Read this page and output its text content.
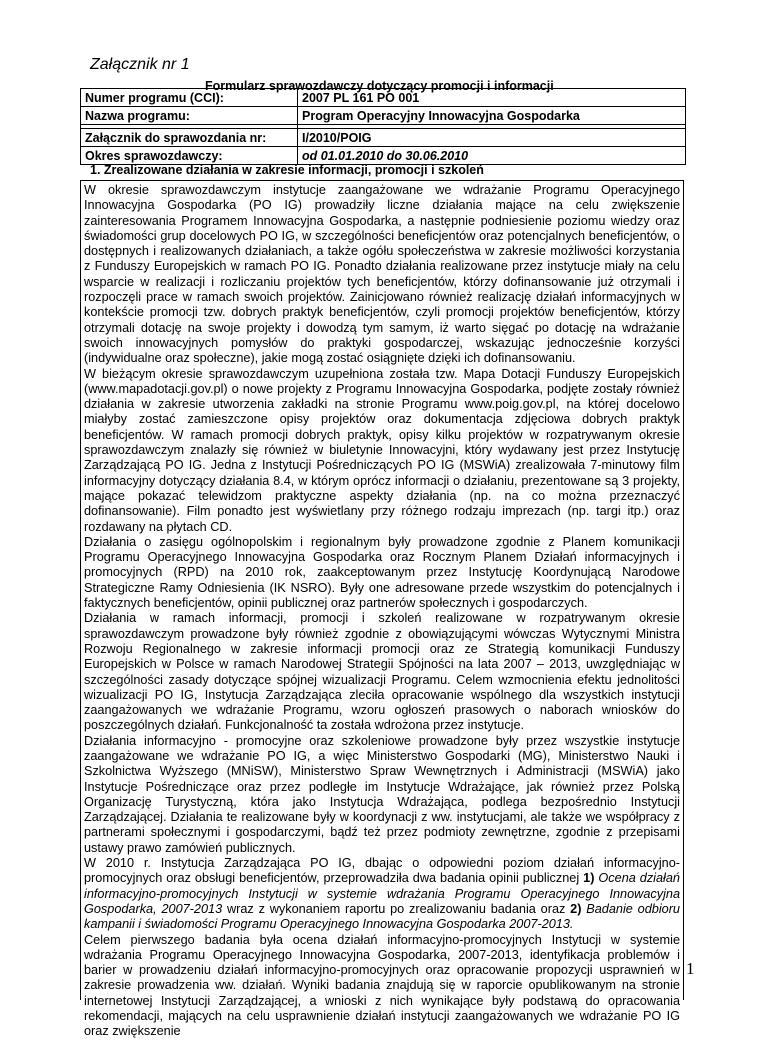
Załącznik nr 1
Formularz sprawozdawczy dotyczący promocji i informacji
Numer programu (CCI):	2007 PL 161 PO 001
Nazwa programu:	Program Operacyjny Innowacyjna Gospodarka

Załącznik do sprawozdania nr:	I/2010/POIG
Okres sprawozdawczy:	od 01.01.2010 do 30.06.2010
1. Zrealizowane działania w zakresie informacji, promocji i szkoleń

W okresie sprawozdawczym instytucje zaangażowane we wdrażanie Programu Operacyjnego Innowacyjna Gospodarka (PO IG) prowadziły liczne działania mające na celu zwiększenie zainteresowania Programem Innowacyjna Gospodarka, a następnie podniesienie poziomu wiedzy oraz świadomości grup docelowych PO IG, w szczególności beneficjentów oraz potencjalnych beneficjentów, o dostępnych i realizowanych działaniach, a także ogółu społeczeństwa w zakresie możliwości korzystania z Funduszy Europejskich w ramach PO IG. Ponadto działania realizowane przez instytucje miały na celu wsparcie w realizacji i rozliczaniu projektów tych beneficjentów, którzy dofinansowanie już otrzymali i rozpoczęli prace w ramach swoich projektów. Zainicjowano również realizację działań informacyjnych w kontekście promocji tzw. dobrych praktyk beneficjentów, czyli promocji projektów beneficjentów, którzy otrzymali dotację na swoje projekty i dowodzą tym samym, iż warto sięgać po dotację na wdrażanie swoich innowacyjnych pomysłów do praktyki gospodarczej, wskazując jednocześnie korzyści (indywidualne oraz społeczne), jakie mogą zostać osiągnięte dzięki ich dofinansowaniu.

W bieżącym okresie sprawozdawczym uzupełniona została tzw. Mapa Dotacji Funduszy Europejskich (www.mapadotacji.gov.pl) o nowe projekty z Programu Innowacyjna Gospodarka, podjęte zostały również działania w zakresie utworzenia zakładki na stronie Programu www.poig.gov.pl, na której docelowo miałyby zostać zamieszczone opisy projektów oraz dokumentacja zdjęciowa dobrych praktyk beneficjentów. W ramach promocji dobrych praktyk, opisy kilku projektów w rozpatrywanym okresie sprawozdawczym znalazły się również w biuletynie Innowacyjni, który wydawany jest przez Instytucję Zarządzającą PO IG. Jedna z Instytucji Pośredniczących PO IG (MSWiA) zrealizowała 7-minutowy film informacyjny dotyczący działania 8.4, w którym oprócz informacji o działaniu, prezentowane są 3 projekty, mające pokazać telewidzom praktyczne aspekty działania (np. na co można przeznaczyć dofinansowanie). Film ponadto jest wyświetlany przy różnego rodzaju imprezach (np. targi itp.) oraz rozdawany na płytach CD.

Działania o zasięgu ogólnopolskim i regionalnym były prowadzone zgodnie z Planem komunikacji Programu Operacyjnego Innowacyjna Gospodarka oraz Rocznym Planem Działań informacyjnych i promocyjnych (RPD) na 2010 rok, zaakceptowanym przez Instytucję Koordynującą Narodowe Strategiczne Ramy Odniesienia (IK NSRO). Były one adresowane przede wszystkim do potencjalnych i faktycznych beneficjentów, opinii publicznej oraz partnerów społecznych i gospodarczych.

Działania w ramach informacji, promocji i szkoleń realizowane w rozpatrywanym okresie sprawozdawczym prowadzone były również zgodnie z obowiązującymi wówczas Wytycznymi Ministra Rozwoju Regionalnego w zakresie informacji promocji oraz ze Strategią komunikacji Funduszy Europejskich w Polsce w ramach Narodowej Strategii Spójności na lata 2007 – 2013, uwzględniając w szczególności zasady dotyczące spójnej wizualizacji Programu. Celem wzmocnienia efektu jednolitości wizualizacji PO IG, Instytucja Zarządzająca zleciła opracowanie wspólnego dla wszystkich instytucji zaangażowanych we wdrażanie Programu, wzoru ogłoszeń prasowych o naborach wniosków do poszczególnych działań. Funkcjonalność ta została wdrożona przez instytucje.

Działania informacyjno - promocyjne oraz szkoleniowe prowadzone były przez wszystkie instytucje zaangażowane we wdrażanie PO IG, a więc Ministerstwo Gospodarki (MG), Ministerstwo Nauki i Szkolnictwa Wyższego (MNiSW), Ministerstwo Spraw Wewnętrznych i Administracji (MSWiA) jako Instytucje Pośredniczące oraz przez podległe im Instytucje Wdrażające, jak również przez Polską Organizację Turystyczną, która jako Instytucja Wdrażająca, podlega bezpośrednio Instytucji Zarządzającej. Działania te realizowane były w koordynacji z ww. instytucjami, ale także we współpracy z partnerami społecznymi i gospodarczymi, bądź też przez podmioty zewnętrzne, zgodnie z przepisami ustawy prawo zamówień publicznych.

W 2010 r. Instytucja Zarządzająca PO IG, dbając o odpowiedni poziom działań informacyjno-promocyjnych oraz obsługi beneficjentów, przeprowadziła dwa badania opinii publicznej 1) Ocena działań informacyjno-promocyjnych Instytucji w systemie wdrażania Programu Operacyjnego Innowacyjna Gospodarka, 2007-2013 wraz z wykonaniem raportu po zrealizowaniu badania oraz 2) Badanie odbioru kampanii i świadomości Programu Operacyjnego Innowacyjna Gospodarka 2007-2013.

Celem pierwszego badania była ocena działań informacyjno-promocyjnych Instytucji w systemie wdrażania Programu Operacyjnego Innowacyjna Gospodarka, 2007-2013, identyfikacja problemów i barier w prowadzeniu działań informacyjno-promocyjnych oraz opracowanie propozycji usprawnień w zakresie prowadzenia ww. działań. Wyniki badania znajdują się w raporcie opublikowanym na stronie internetowej Instytucji Zarządzającej, a wnioski z nich wynikające były podstawą do opracowania rekomendacji, mających na celu usprawnienie działań instytucji zaangażowanych we wdrażanie PO IG oraz zwiększenie

1
